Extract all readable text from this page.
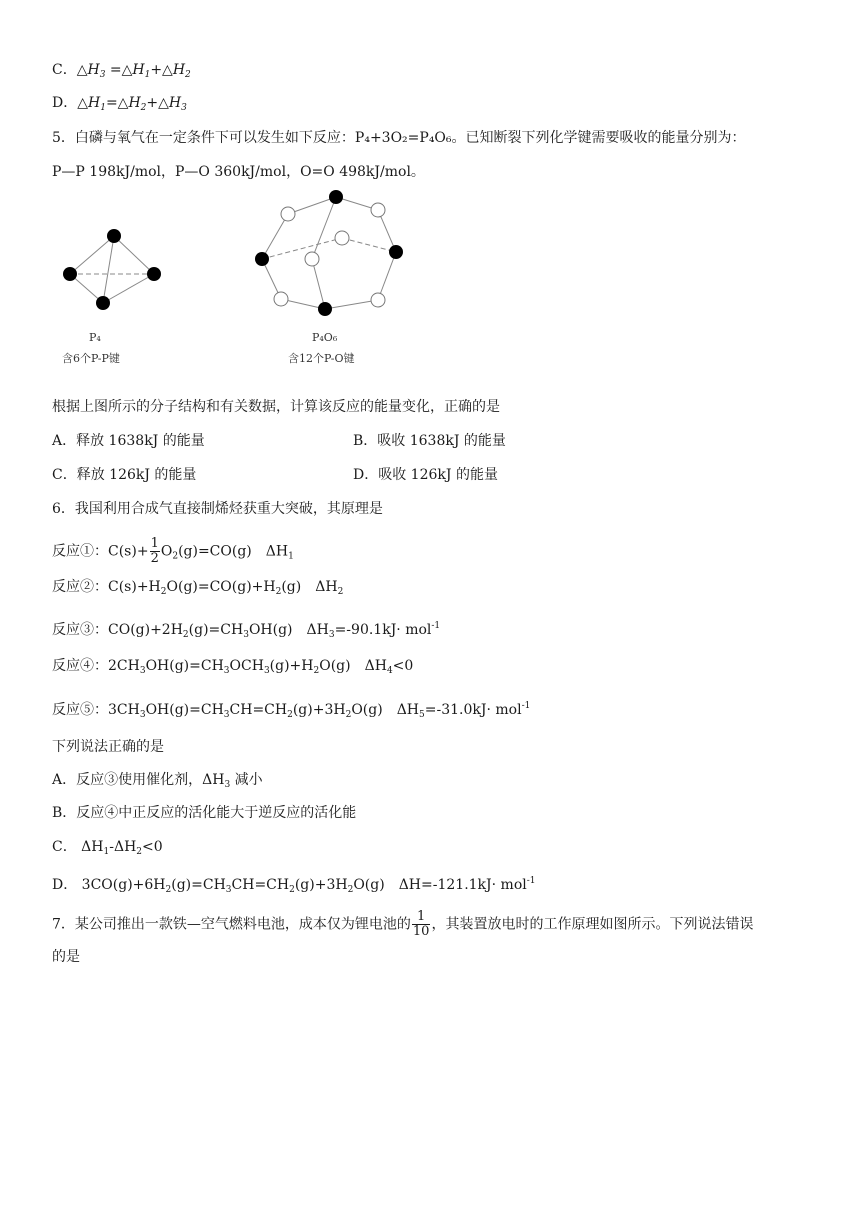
C．$\triangle H_3$ $=\triangle H_1+\triangle H_2$
D．$\triangle H_1=\triangle H_2+\triangle H_3$
5．白磷与氧气在一定条件下可以发生如下反应：P₄+3O₂=P₄O₆。已知断裂下列化学键需要吸收的能量分别为：
P—P 198kJ/mol，P—O 360kJ/mol，O=O 498kJ/mol。
P₄
含6个P-P键
P₄O₆
含12个P-O键
根据上图所示的分子结构和有关数据，计算该反应的能量变化，正确的是
A．释放 1638kJ 的能量	B．吸收 1638kJ 的能量
C．释放 126kJ 的能量	D．吸收 126kJ 的能量
6．我国利用合成气直接制烯烃获重大突破，其原理是
反应①：$C(s)+ \frac{1}{2} O_2(g)=CO(g)$ $\Delta H_1$
反应②：$C(s)+H_2O(g)=CO(g)+H_2(g)$ $\Delta H_2$
反应③：$CO(g)+2H_2(g)=CH_3OH(g)$ $\Delta H_3=-90.1kJ\cdot mol^{-1}$
反应④：$2CH_3OH(g)=CH_3OCH_3(g)+H_2O(g)$ $\Delta H_4<0$
反应⑤：$3CH_3OH(g)=CH_3CH=CH_2(g)+3H_2O(g)$ $\Delta H_5=-31.0kJ\cdot mol^{-1}$
下列说法正确的是
A．反应③使用催化剂，$\Delta H_3$ 减小
B．反应④中正反应的活化能大于逆反应的活化能
C． $\Delta H_1-\Delta H_2<0$
D． $3CO(g)+6H_2(g)=CH_3CH=CH_2(g)+3H_2O(g)$ ΔH=-121.1kJ· mol$^{-1}$
7．某公司推出一款铁—空气燃料电池，成本仅为锂电池的 $\frac{1}{10}$ ，其装置放电时的工作原理如图所示。下列说法错误
的是
